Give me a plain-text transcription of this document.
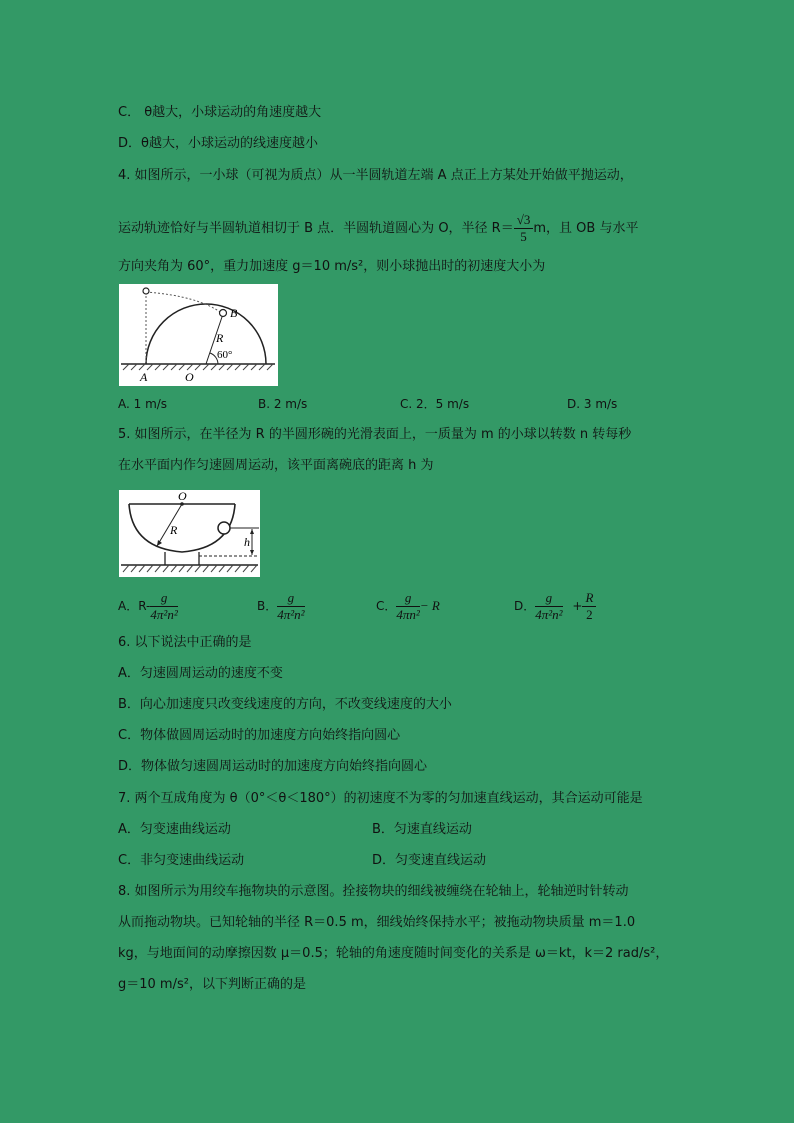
C． θ越大，小球运动的角速度越大
D．θ越大，小球运动的线速度越小
4. 如图所示，一小球（可视为质点）从一半圆轨道左端 A 点正上方某处开始做平抛运动，
运动轨迹恰好与半圆轨道相切于 B 点．半圆轨道圆心为 O，半径 $R= \frac{√3}{5}$ m，且 OB 与水平
方向夹角为 60°，重力加速度 g＝10 m/s²，则小球抛出时的初速度大小为
B
R
60°
A	O
A. 1 m/s	B. 2 m/s	C. 2．5 m/s	D. 3 m/s
5. 如图所示，在半径为 R 的半圆形碗的光滑表面上，一质量为 m 的小球以转数 n 转每秒
在水平面内作匀速圆周运动，该平面离碗底的距离 h 为
O
R
h
A．$R- \frac{g}{\text{4π²n²}}$	B． $\frac{g}{\text{4π²n²}}$	C． $\frac{g}{\text{4πn²}} - R$	D． $\frac{g}{\text{4π²n²}} + \frac{R}{2}$
6. 以下说法中正确的是
A．匀速圆周运动的速度不变
B．向心加速度只改变线速度的方向，不改变线速度的大小
C．物体做圆周运动时的加速度方向始终指向圆心
D．物体做匀速圆周运动时的加速度方向始终指向圆心
7. 两个互成角度为 θ（0°＜θ＜180°）的初速度不为零的匀加速直线运动，其合运动可能是
A．匀变速曲线运动	B．匀速直线运动
C．非匀变速曲线运动	D．匀变速直线运动
8. 如图所示为用绞车拖物块的示意图。拴接物块的细线被缠绕在轮轴上，轮轴逆时针转动
从而拖动物块。已知轮轴的半径 R＝0.5 m，细线始终保持水平；被拖动物块质量 m＝1.0
kg，与地面间的动摩擦因数 μ＝0.5；轮轴的角速度随时间变化的关系是 ω＝kt，k＝2 rad/s²，
g＝10 m/s²，以下判断正确的是
